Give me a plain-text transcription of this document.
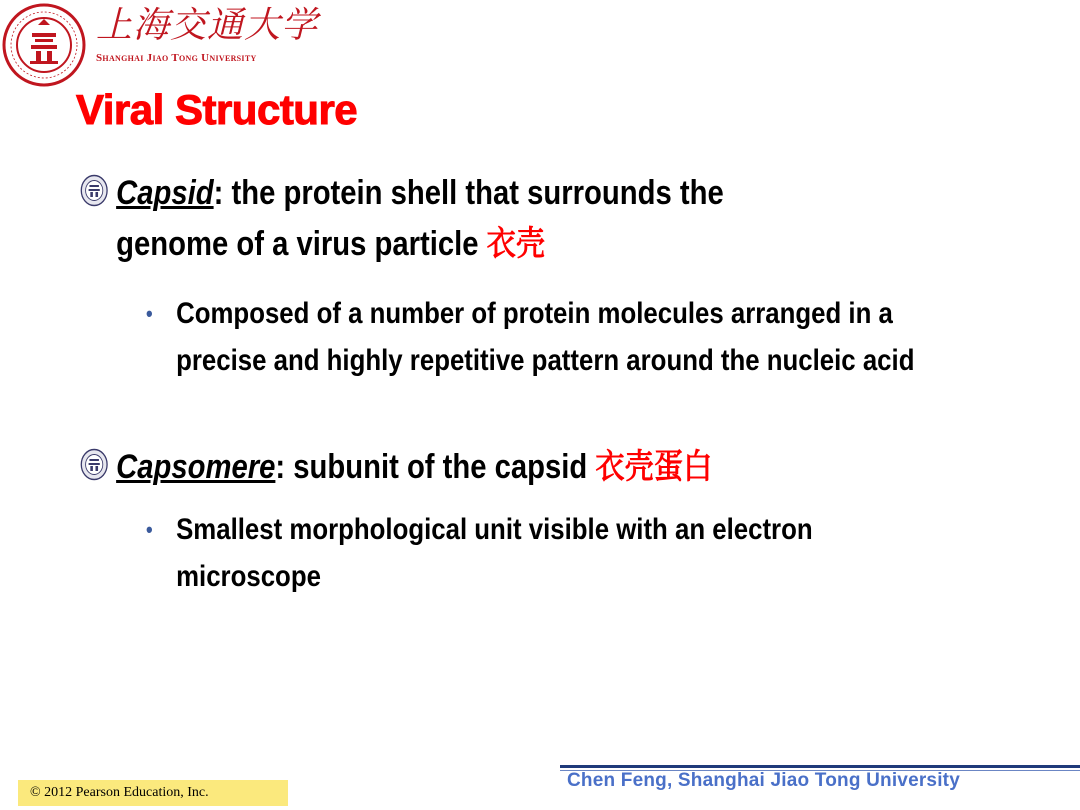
上海交通大学
Shanghai Jiao Tong University
Viral Structure
Capsid: the protein shell that surrounds the genome of a virus particle 衣壳
• Composed of a number of protein molecules arranged in a precise and highly repetitive pattern around the nucleic acid
Capsomere: subunit of the capsid 衣壳蛋白
• Smallest morphological unit visible with an electron microscope
© 2012 Pearson Education, Inc.
Chen Feng, Shanghai Jiao Tong University
